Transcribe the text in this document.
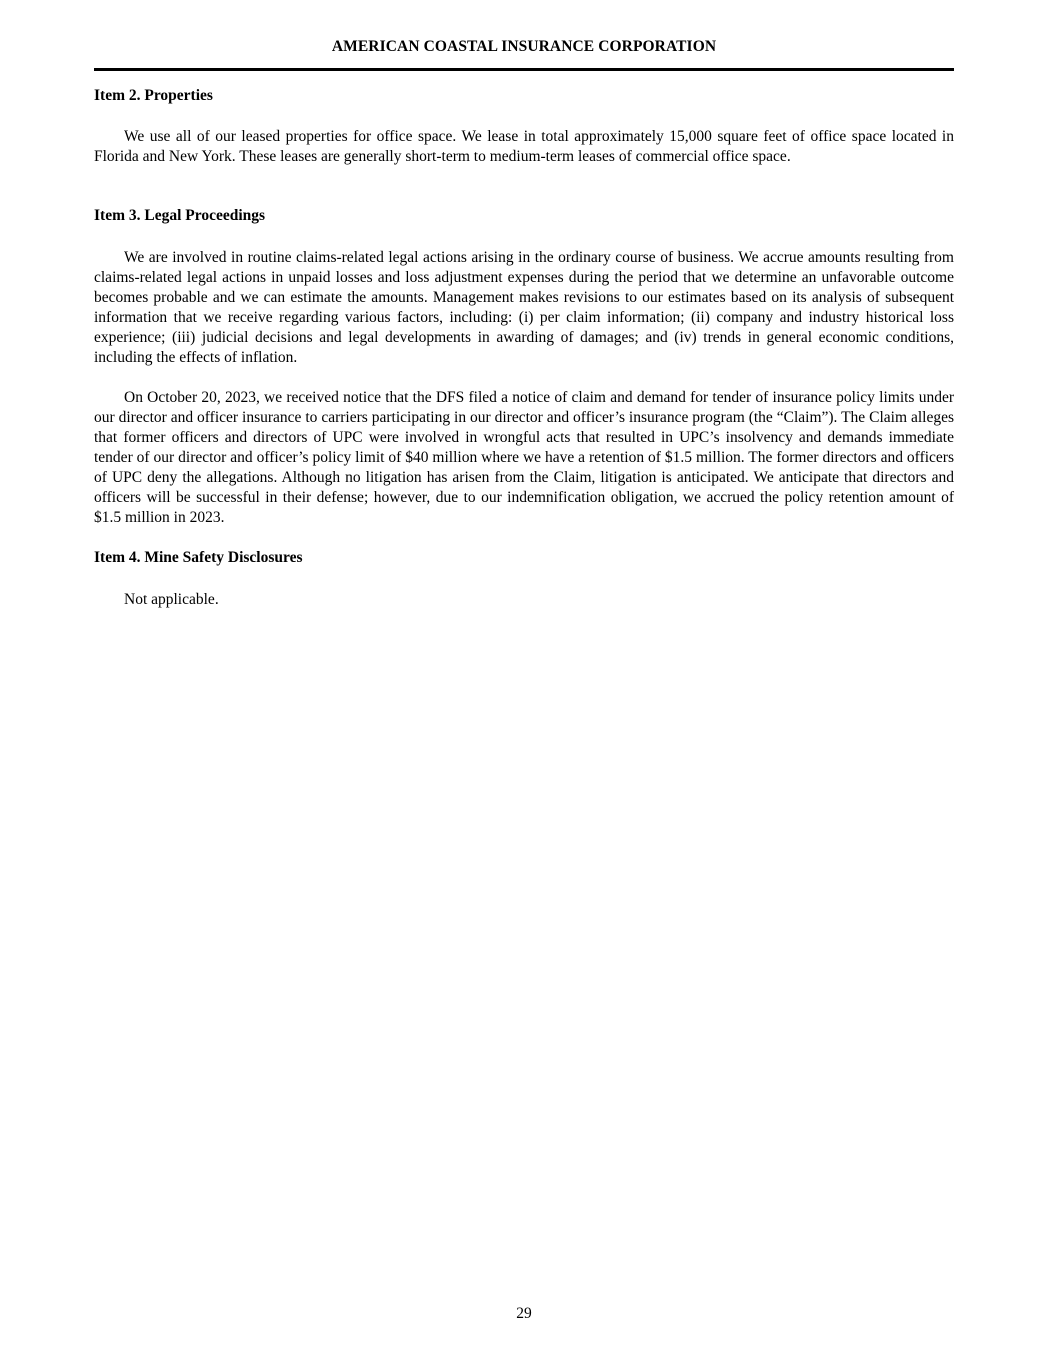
AMERICAN COASTAL INSURANCE CORPORATION
Item 2. Properties
We use all of our leased properties for office space. We lease in total approximately 15,000 square feet of office space located in Florida and New York. These leases are generally short-term to medium-term leases of commercial office space.
Item 3. Legal Proceedings
We are involved in routine claims-related legal actions arising in the ordinary course of business. We accrue amounts resulting from claims-related legal actions in unpaid losses and loss adjustment expenses during the period that we determine an unfavorable outcome becomes probable and we can estimate the amounts. Management makes revisions to our estimates based on its analysis of subsequent information that we receive regarding various factors, including: (i) per claim information; (ii) company and industry historical loss experience; (iii) judicial decisions and legal developments in awarding of damages; and (iv) trends in general economic conditions, including the effects of inflation.
On October 20, 2023, we received notice that the DFS filed a notice of claim and demand for tender of insurance policy limits under our director and officer insurance to carriers participating in our director and officer’s insurance program (the “Claim”). The Claim alleges that former officers and directors of UPC were involved in wrongful acts that resulted in UPC’s insolvency and demands immediate tender of our director and officer’s policy limit of $40 million where we have a retention of $1.5 million. The former directors and officers of UPC deny the allegations. Although no litigation has arisen from the Claim, litigation is anticipated. We anticipate that directors and officers will be successful in their defense; however, due to our indemnification obligation, we accrued the policy retention amount of $1.5 million in 2023.
Item 4. Mine Safety Disclosures
Not applicable.
29
